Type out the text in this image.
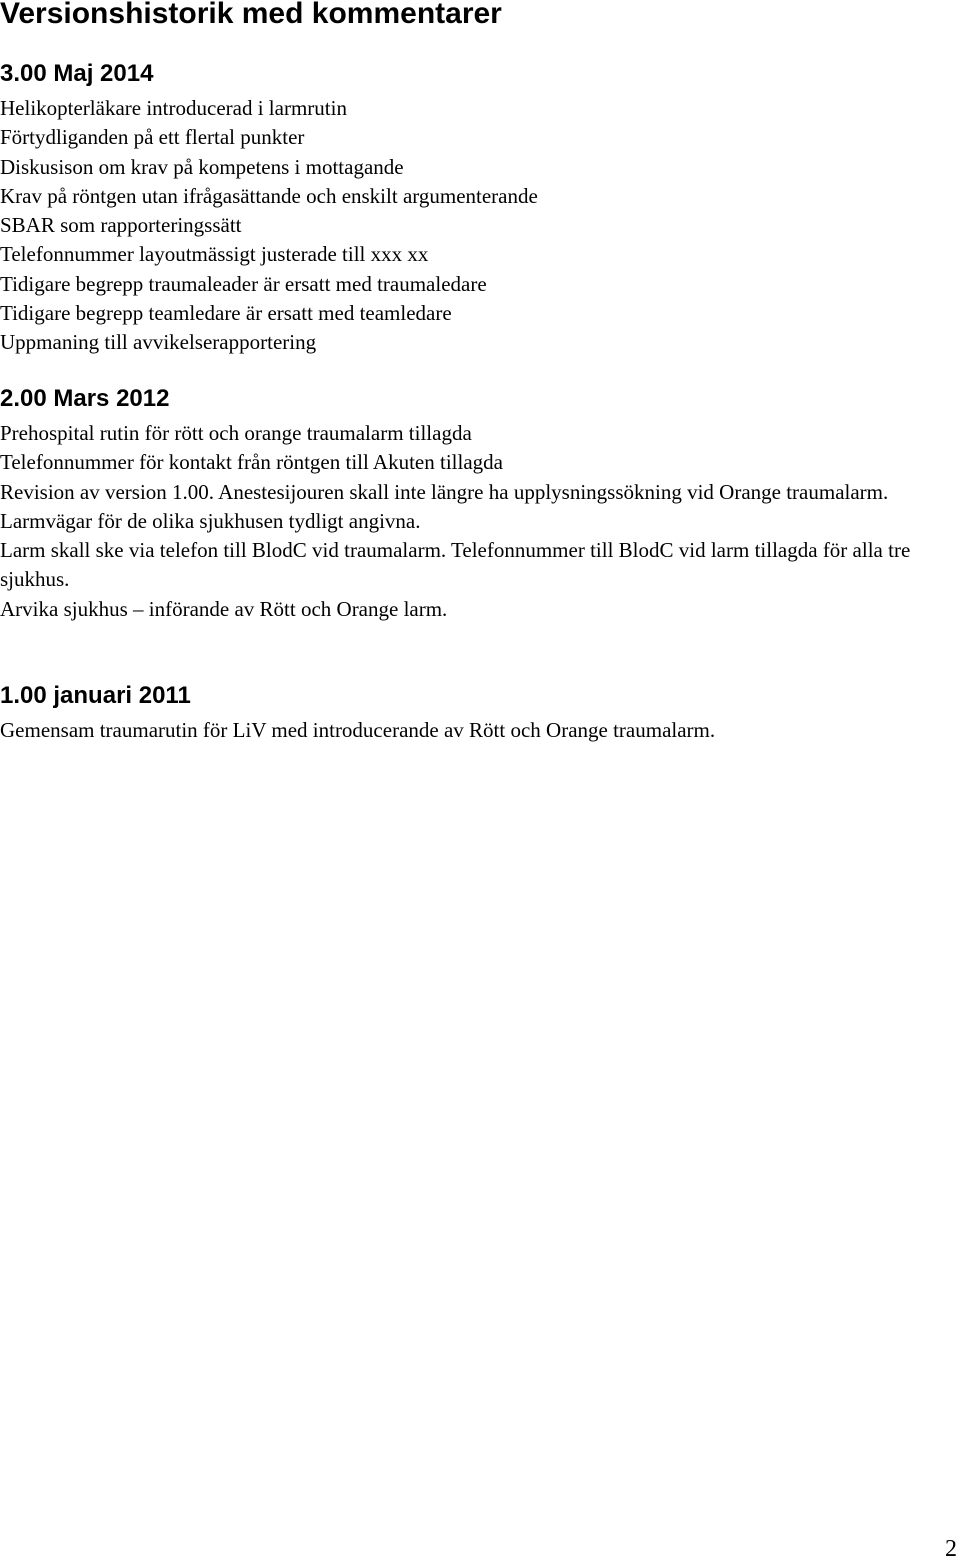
Versionshistorik med kommentarer
3.00 Maj 2014
Helikopterläkare introducerad i larmrutin
Förtydliganden på ett flertal punkter
Diskusison om krav på kompetens i mottagande
Krav på röntgen utan ifrågasättande och enskilt argumenterande
SBAR som rapporteringssätt
Telefonnummer layoutmässigt justerade till xxx xx
Tidigare begrepp traumaleader är ersatt med traumaledare
Tidigare begrepp teamledare är ersatt med teamledare
Uppmaning till avvikelserapportering
2.00 Mars 2012
Prehospital rutin för rött och orange traumalarm tillagda
Telefonnummer för kontakt från röntgen till Akuten tillagda
Revision av version 1.00. Anestesijouren skall inte längre ha upplysningssökning vid Orange traumalarm.
Larmvägar för de olika sjukhusen tydligt angivna.
Larm skall ske via telefon till BlodC vid traumalarm. Telefonnummer till BlodC vid larm tillagda för alla tre sjukhus.
Arvika sjukhus – införande av Rött och Orange larm.
1.00 januari 2011
Gemensam traumarutin för LiV med introducerande av Rött och Orange traumalarm.
2
